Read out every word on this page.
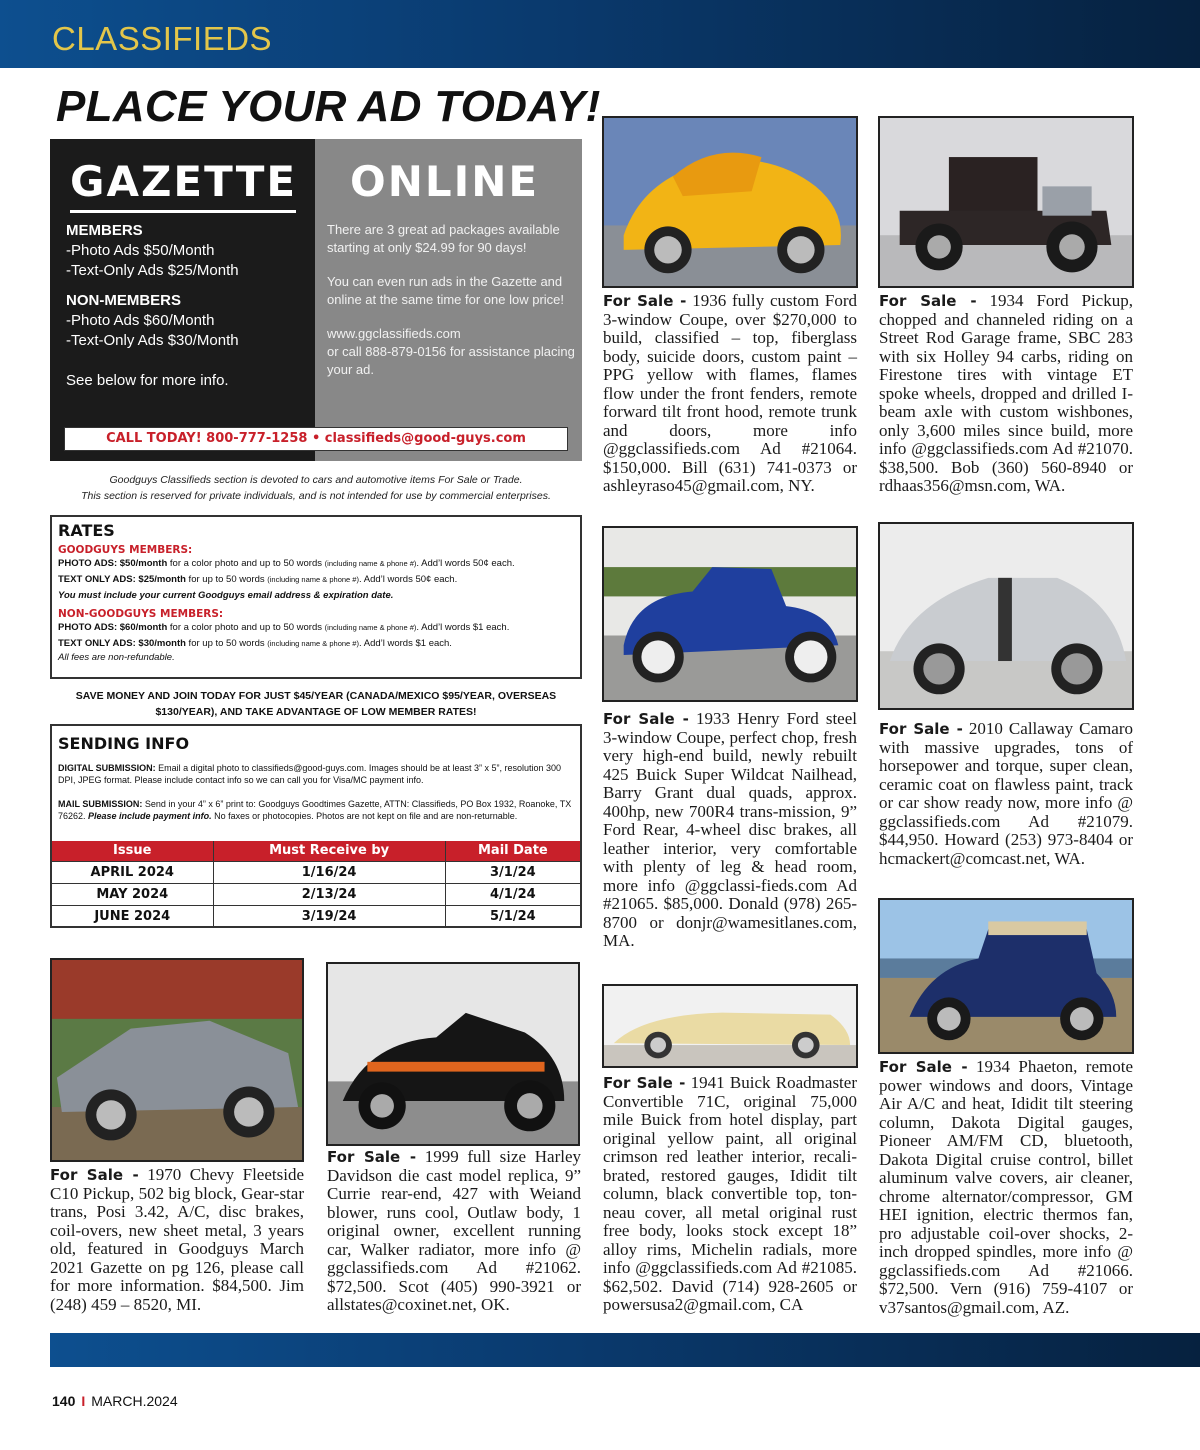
CLASSIFIEDS
PLACE YOUR AD TODAY!
GAZETTE
MEMBERS
-Photo Ads $50/Month
-Text-Only Ads $25/Month
NON-MEMBERS
-Photo Ads $60/Month
-Text-Only Ads $30/Month
See below for more info.
ONLINE

There are 3 great ad packages available starting at only $24.99 for 90 days!

You can even run ads in the Gazette and online at the same time for one low price!

www.ggclassifieds.com
or call 888-879-0156 for assistance placing your ad.
CALL TODAY! 800-777-1258 • classifieds@good-guys.com
Goodguys Classifieds section is devoted to cars and automotive items For Sale or Trade.
This section is reserved for private individuals, and is not intended for use by commercial enterprises.
RATES
GOODGUYS MEMBERS:
PHOTO ADS: $50/month for a color photo and up to 50 words (including name & phone #). Add’l words 50¢ each.
TEXT ONLY ADS: $25/month for up to 50 words (including name & phone #). Add’l words 50¢ each.
You must include your current Goodguys email address & expiration date.
NON-GOODGUYS MEMBERS:
PHOTO ADS: $60/month for a color photo and up to 50 words (including name & phone #). Add’l words $1 each.
TEXT ONLY ADS: $30/month for up to 50 words (including name & phone #). Add’l words $1 each.
All fees are non-refundable.
SAVE MONEY AND JOIN TODAY FOR JUST $45/YEAR (CANADA/MEXICO $95/YEAR, OVERSEAS $130/YEAR), AND TAKE ADVANTAGE OF LOW MEMBER RATES!
SENDING INFO
DIGITAL SUBMISSION: Email a digital photo to classifieds@good-guys.com. Images should be at least 3” x 5”, resolution 300 DPI, JPEG format. Please include contact info so we can call you for Visa/MC payment info.
MAIL SUBMISSION: Send in your 4” x 6” print to: Goodguys Goodtimes Gazette, ATTN: Classifieds, PO Box 1932, Roanoke, TX 76262. Please include payment info. No faxes or photocopies. Photos are not kept on file and are non-returnable.
Issue	Must Receive by	Mail Date
APRIL 2024	1/16/24	3/1/24
MAY 2024	2/13/24	4/1/24
JUNE 2024	3/19/24	5/1/24
For Sale - 1936 fully custom Ford 3-window Coupe, over $270,000 to build, classified – top, fiberglass body, suicide doors, custom paint – PPG yellow with flames, flames flow under the front fenders, remote forward tilt front hood, remote trunk and doors, more info @ggclassifieds.com Ad #21064. $150,000. Bill (631) 741-0373 or ashleyraso45@gmail.com, NY.
For Sale - 1934 Ford Pickup, chopped and channeled riding on a Street Rod Garage frame, SBC 283 with six Holley 94 carbs, riding on Firestone tires with vintage ET spoke wheels, dropped and drilled I-beam axle with custom wishbones, only 3,600 miles since build, more info @ggclassifieds.com Ad #21070. $38,500. Bob (360) 560-8940 or rdhaas356@msn.com, WA.
For Sale - 1933 Henry Ford steel 3-window Coupe, perfect chop, fresh very high-end build, newly rebuilt 425 Buick Super Wildcat Nailhead, Barry Grant dual quads, approx. 400hp, new 700R4 trans-mission, 9” Ford Rear, 4-wheel disc brakes, all leather interior, very comfortable with plenty of leg & head room, more info @ggclassi-fieds.com Ad #21065. $85,000. Donald (978) 265-8700 or donjr@wamesitlanes.com, MA.
For Sale - 2010 Callaway Camaro with massive upgrades, tons of horsepower and torque, super clean, ceramic coat on flawless paint, track or car show ready now, more info @ ggclassifieds.com Ad #21079. $44,950. Howard (253) 973-8404 or hcmackert@comcast.net, WA.
For Sale - 1970 Chevy Fleetside C10 Pickup, 502 big block, Gear-star trans, Posi 3.42, A/C, disc brakes, coil-overs, new sheet metal, 3 years old, featured in Goodguys March 2021 Gazette on pg 126, please call for more information. $84,500. Jim (248) 459 – 8520, MI.
For Sale - 1999 full size Harley Davidson die cast model replica, 9” Currie rear-end, 427 with Weiand blower, runs cool, Outlaw body, 1 original owner, excellent running car, Walker radiator, more info @ ggclassifieds.com Ad #21062. $72,500. Scot (405) 990-3921 or allstates@coxinet.net, OK.
For Sale - 1941 Buick Roadmaster Convertible 71C, original 75,000 mile Buick from hotel display, part original yellow paint, all original crimson red leather interior, recali-brated, restored gauges, Ididit tilt column, black convertible top, ton-neau cover, all metal original rust free body, looks stock except 18” alloy rims, Michelin radials, more info @ggclassifieds.com Ad #21085. $62,502. David (714) 928-2605 or powersusa2@gmail.com, CA
For Sale - 1934 Phaeton, remote power windows and doors, Vintage Air A/C and heat, Ididit tilt steering column, Dakota Digital gauges, Pioneer AM/FM CD, bluetooth, Dakota Digital cruise control, billet aluminum valve covers, air cleaner, chrome alternator/compressor, GM HEI ignition, electric thermos fan, pro adjustable coil-over shocks, 2-inch dropped spindles, more info @ ggclassifieds.com Ad #21066. $72,500. Vern (916) 759-4107 or v37santos@gmail.com, AZ.
140 I MARCH.2024
